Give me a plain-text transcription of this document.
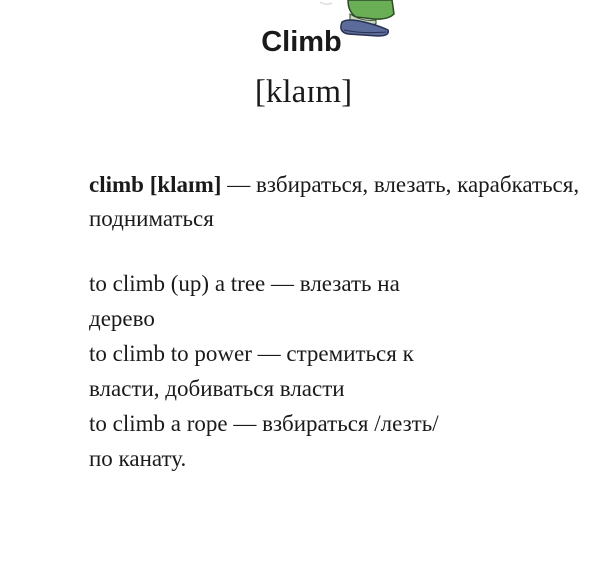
Climb
[klaɪm]

climb [klaɪm] — взбираться, влезать, карабкаться, подниматься

to climb (up) a tree — влезать на
дерево
to climb to power — стремиться к
власти, добиваться власти
to climb a rope — взбираться /лезть/
по канату.
